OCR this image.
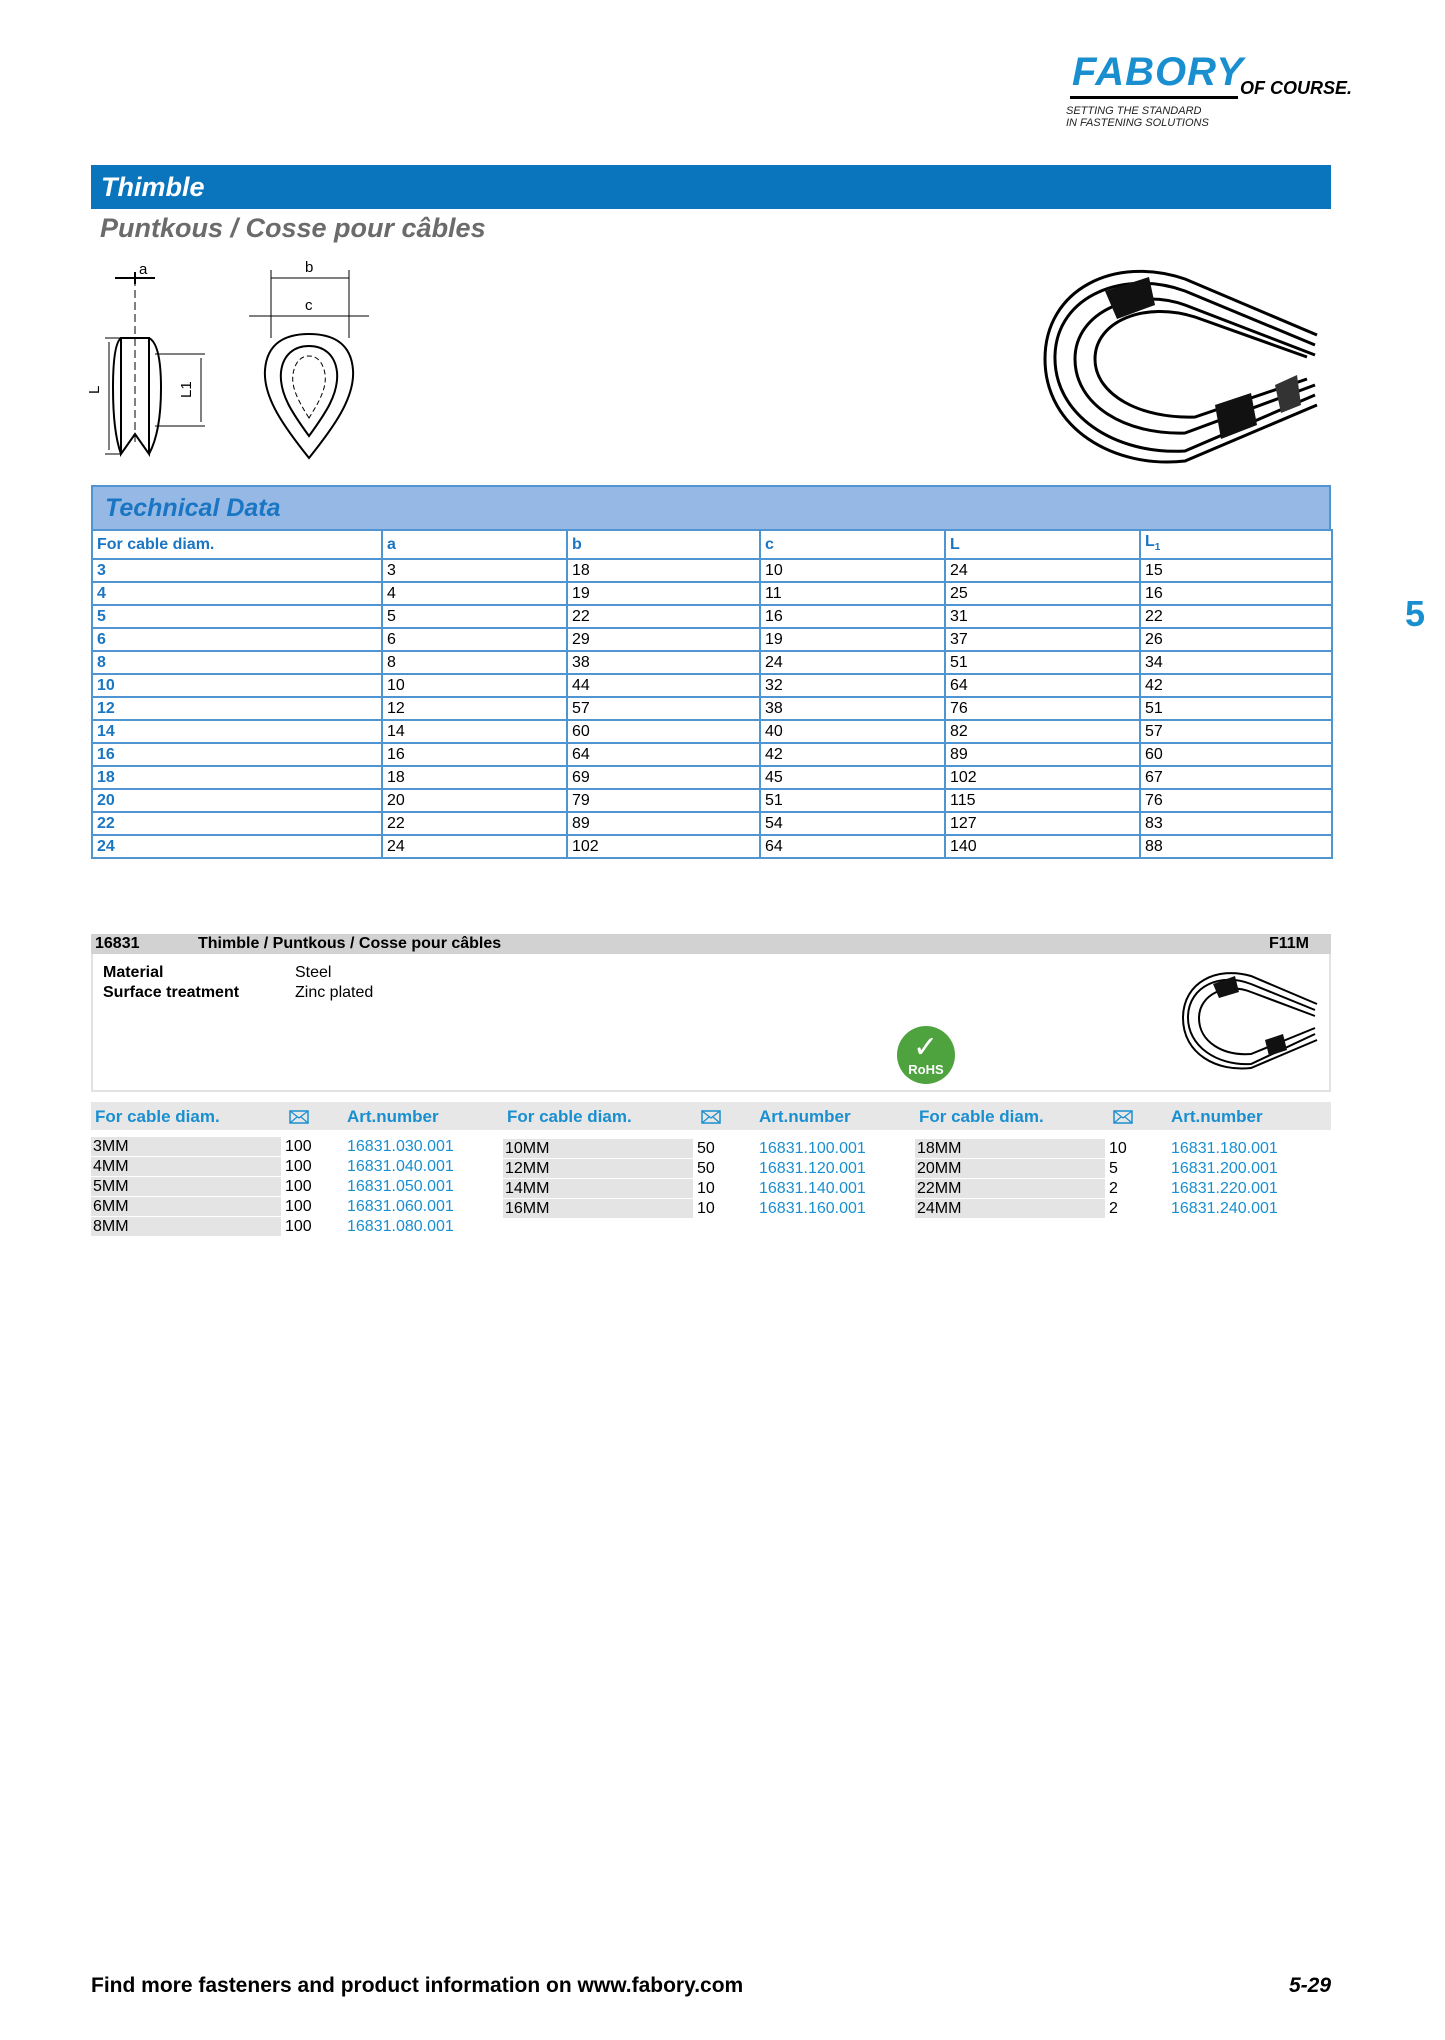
FABORY
OF COURSE.
SETTING THE STANDARD
IN FASTENING SOLUTIONS
Thimble
Puntkous / Cosse pour câbles
5
a
L	L1
b
c
Technical Data
For cable diam.	a	b	c	L	$L_1$
3	3	18	10	24	15
4	4	19	11	25	16
5	5	22	16	31	22
6	6	29	19	37	26
8	8	38	24	51	34
10	10	44	32	64	42
12	12	57	38	76	51
14	14	60	40	82	57
16	16	64	42	89	60
18	18	69	45	102	67
20	20	79	51	115	76
22	22	89	54	127	83
24	24	102	64	140	88
16831	Thimble / Puntkous / Cosse pour câbles	F11M
Material	Steel
Surface treatment	Zinc plated
✓
RoHS
For cable diam.	Art.number	For cable diam.	Art.number	For cable diam.	Art.number
3MM	100 16831.030.001
4MM	100 16831.040.001
5MM	100 16831.050.001
6MM	100 16831.060.001
8MM	100 16831.080.001
10MM	50	16831.100.001
12MM	50	16831.120.001
14MM	10	16831.140.001
16MM	10	16831.160.001
18MM	10	16831.180.001
20MM	5	16831.200.001
22MM	2	16831.220.001
24MM	2	16831.240.001
Find more fasteners and product information on www.fabory.com	5-29
